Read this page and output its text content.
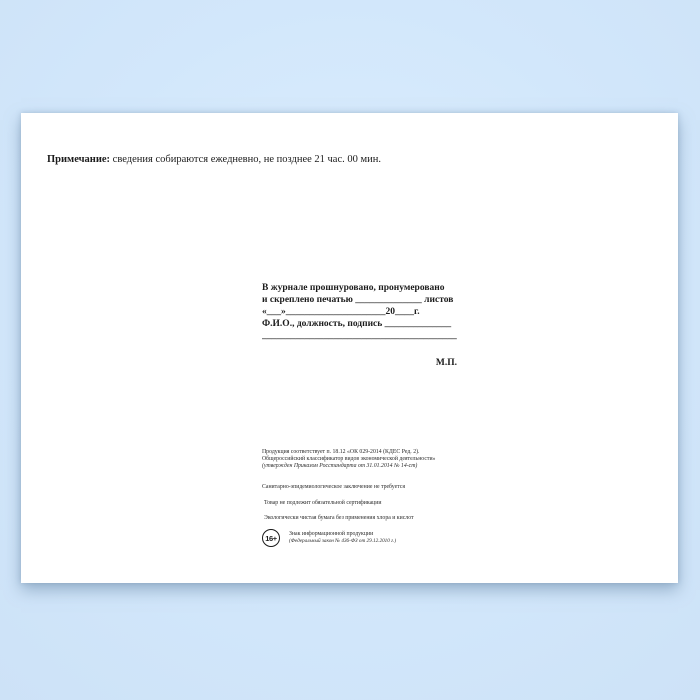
Примечание: сведения собираются ежедневно, не позднее 21 час. 00 мин.

В журнале прошнуровано, пронумеровано
и скреплено печатью ______________ листов
«___»_____________________20____г.
Ф.И.О., должность, подпись ______________
_________________________________________
М.П.
Продукция соответствует п. 18.12 «ОК 029-2014 (КДЕС Ред. 2).
Общероссийский классификатор видов экономической деятельности»
(утвержден Приказом Росстандарта от 31.01.2014 № 14-ст)
Санитарно-эпидемиологическое заключение не требуется
Товар не подлежит обязательной сертификации
Экологически чистая бумага без применения хлора и кислот
16+ Знак информационной продукции
(Федеральный закон № 436-ФЗ от 29.12.2010 г.)
